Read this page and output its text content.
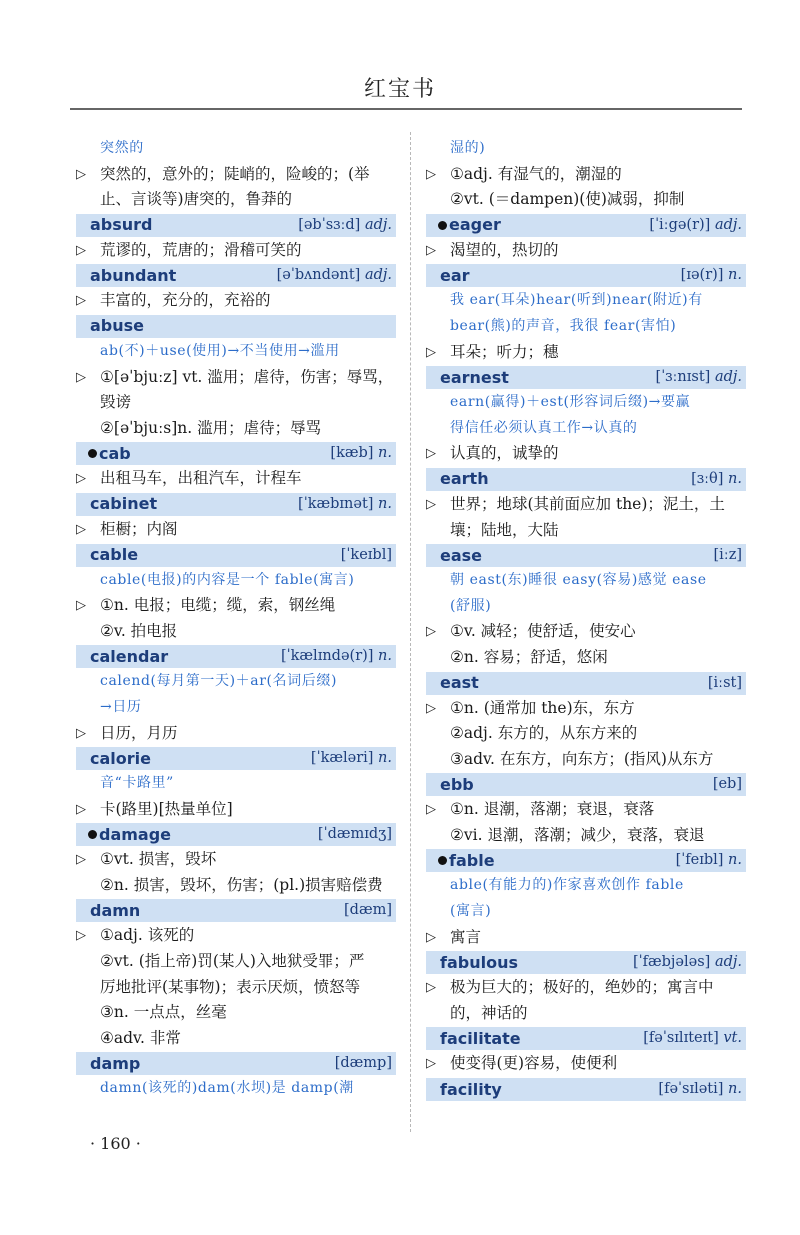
红宝书
突然的
▷ 突然的，意外的；陡峭的，险峻的；(举
止、言谈等)唐突的，鲁莽的
absurd	[əbˈsɜːd] adj.
▷ 荒谬的，荒唐的；滑稽可笑的
abundant	[əˈbʌndənt] adj.
▷ 丰富的，充分的，充裕的
abuse
ab(不)＋use(使用)→不当使用→滥用
▷ ①[əˈbjuːz] vt. 滥用；虐待，伤害；辱骂，
毁谤
②[əˈbjuːs]n. 滥用；虐待；辱骂
cab	[kæb] n.
▷ 出租马车，出租汽车，计程车
cabinet	[ˈkæbɪnət] n.
▷ 柜橱；内阁
cable	[ˈkeɪbl]
cable(电报)的内容是一个 fable(寓言)
▷ ①n. 电报；电缆；缆，索，钢丝绳
②v. 拍电报
calendar	[ˈkælɪndə(r)] n.
calend(每月第一天)＋ar(名词后缀)
→日历
▷ 日历，月历
calorie	[ˈkæləri] n.
音“卡路里”
▷ 卡(路里)[热量单位]
damage	[ˈdæmɪdʒ]
▷ ①vt. 损害，毁坏
②n. 损害，毁坏，伤害；(pl.)损害赔偿费
damn	[dæm]
▷ ①adj. 该死的
②vt. (指上帝)罚(某人)入地狱受罪；严
厉地批评(某事物)；表示厌烦，愤怒等
③n. 一点点，丝毫
④adv. 非常
damp	[dæmp]
damn(该死的)dam(水坝)是 damp(潮
湿的)
▷ ①adj. 有湿气的，潮湿的
②vt. (＝dampen)(使)减弱，抑制
eager	[ˈiːgə(r)] adj.
▷ 渴望的，热切的
ear	[ɪə(r)] n.
我 ear(耳朵)hear(听到)near(附近)有
bear(熊)的声音，我很 fear(害怕)
▷ 耳朵；听力；穗
earnest	[ˈɜːnɪst] adj.
earn(赢得)＋est(形容词后缀)→要赢
得信任必须认真工作→认真的
▷ 认真的，诚挚的
earth	[ɜːθ] n.
▷ 世界；地球(其前面应加 the)；泥土，土
壤；陆地，大陆
ease	[iːz]
朝 east(东)睡很 easy(容易)感觉 ease
(舒服)
▷ ①v. 减轻；使舒适，使安心
②n. 容易；舒适，悠闲
east	[iːst]
▷ ①n. (通常加 the)东，东方
②adj. 东方的，从东方来的
③adv. 在东方，向东方；(指风)从东方
ebb	[eb]
▷ ①n. 退潮，落潮；衰退，衰落
②vi. 退潮，落潮；减少，衰落，衰退
fable	[ˈfeɪbl] n.
able(有能力的)作家喜欢创作 fable
(寓言)
▷ 寓言
fabulous	[ˈfæbjələs] adj.
▷ 极为巨大的；极好的，绝妙的；寓言中
的，神话的
facilitate	[fəˈsɪlɪteɪt] vt.
▷ 使变得(更)容易，使便利
facility	[fəˈsɪləti] n.
· 160 ·
